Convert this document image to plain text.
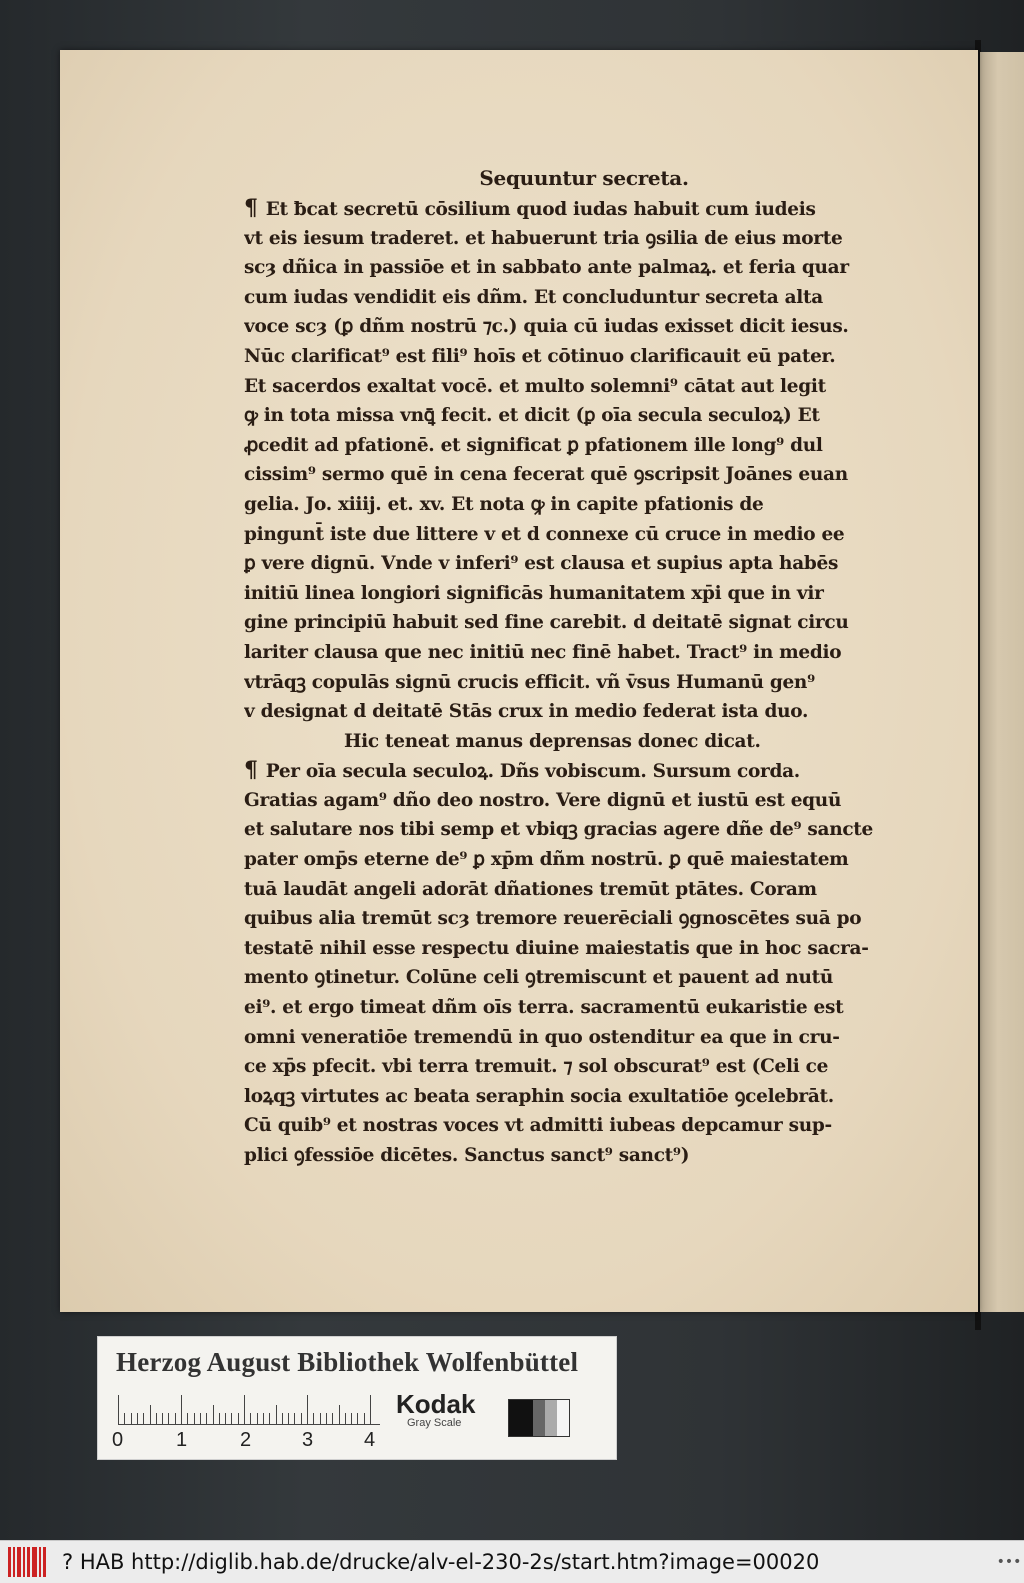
Sequuntur secreta.
¶ Et ƀcat secretū cōsilium quod iudas habuit cum iudeis
vt eis iesum traderet. et habuerunt tria ꝯsilia de eius morte
scȝ dñica in passiōe et in sabbato ante palmaꝝ. et feria quar
cum iudas vendidit eis dñm. Et concluduntur secreta alta
voce scȝ (ꝑ dñm nostrū ⁊c.) quia cū iudas exisset dicit iesus.
Nūc clarificat⁹ est fili⁹ hoīs et cōtinuo clarificauit eū pater.
Et sacerdos exaltat vocē. et multo solemni⁹ cātat aut legit
ꝙ in tota missa vnꝗ̄ fecit. et dicit (ꝑ oīa secula seculoꝝ) Et
ꝓcedit ad pfationē. et significat ꝑ pfationem ille long⁹ dul
cissim⁹ sermo quē in cena fecerat quē ꝯscripsit Joānes euan
gelia. Jo. xiiij. et. xv. Et nota ꝙ in capite pfationis de
pingunt̄ iste due littere v et d connexe cū cruce in medio ee
ꝑ vere dignū. Vnde v inferi⁹ est clausa et supius apta habēs
initiū linea longiori significās humanitatem xp̄i que in vir
gine principiū habuit sed fine carebit. d deitatē signat circu
lariter clausa que nec initiū nec finē habet. Tract⁹ in medio
vtrāqꝫ copulās signū crucis efficit. vñ v̄sus Humanū gen⁹
v designat d deitatē Stās crux in medio federat ista duo.
Hic teneat manus deprensas donec dicat.
¶ Per oīa secula seculoꝝ. Dñs vobiscum. Sursum corda.
Gratias agam⁹ dño deo nostro. Vere dignū et iustū est equū
et salutare nos tibi semp et vbiqꝫ gracias agere dñe de⁹ sancte
pater omp̄s eterne de⁹ ꝑ xp̄m dñm nostrū. ꝑ quē maiestatem
tuā laudāt angeli adorāt dñationes tremūt ptātes. Coram
quibus alia tremūt scȝ tremore reuerēciali ꝯgnoscētes suā po
testatē nihil esse respectu diuine maiestatis que in hoc sacra-
mento ꝯtinetur. Colūne celi ꝯtremiscunt et pauent ad nutū
ei⁹. et ergo timeat dñm oīs terra. sacramentū eukaristie est
omni veneratiōe tremendū in quo ostenditur ea que in cru-
ce xp̄s pfecit. vbi terra tremuit. ⁊ sol obscurat⁹ est (Celi ce
loꝝqꝫ virtutes ac beata seraphin socia exultatiōe ꝯcelebrāt.
Cū quib⁹ et nostras voces vt admitti iubeas depcamur sup-
plici ꝯfessiōe dicētes. Sanctus sanct⁹ sanct⁹)
Herzog August Bibliothek Wolfenbüttel
0	1	2	3	4
Kodak
Gray Scale
? HAB http://diglib.hab.de/drucke/alv-el-230-2s/start.htm?image=00020	•••
